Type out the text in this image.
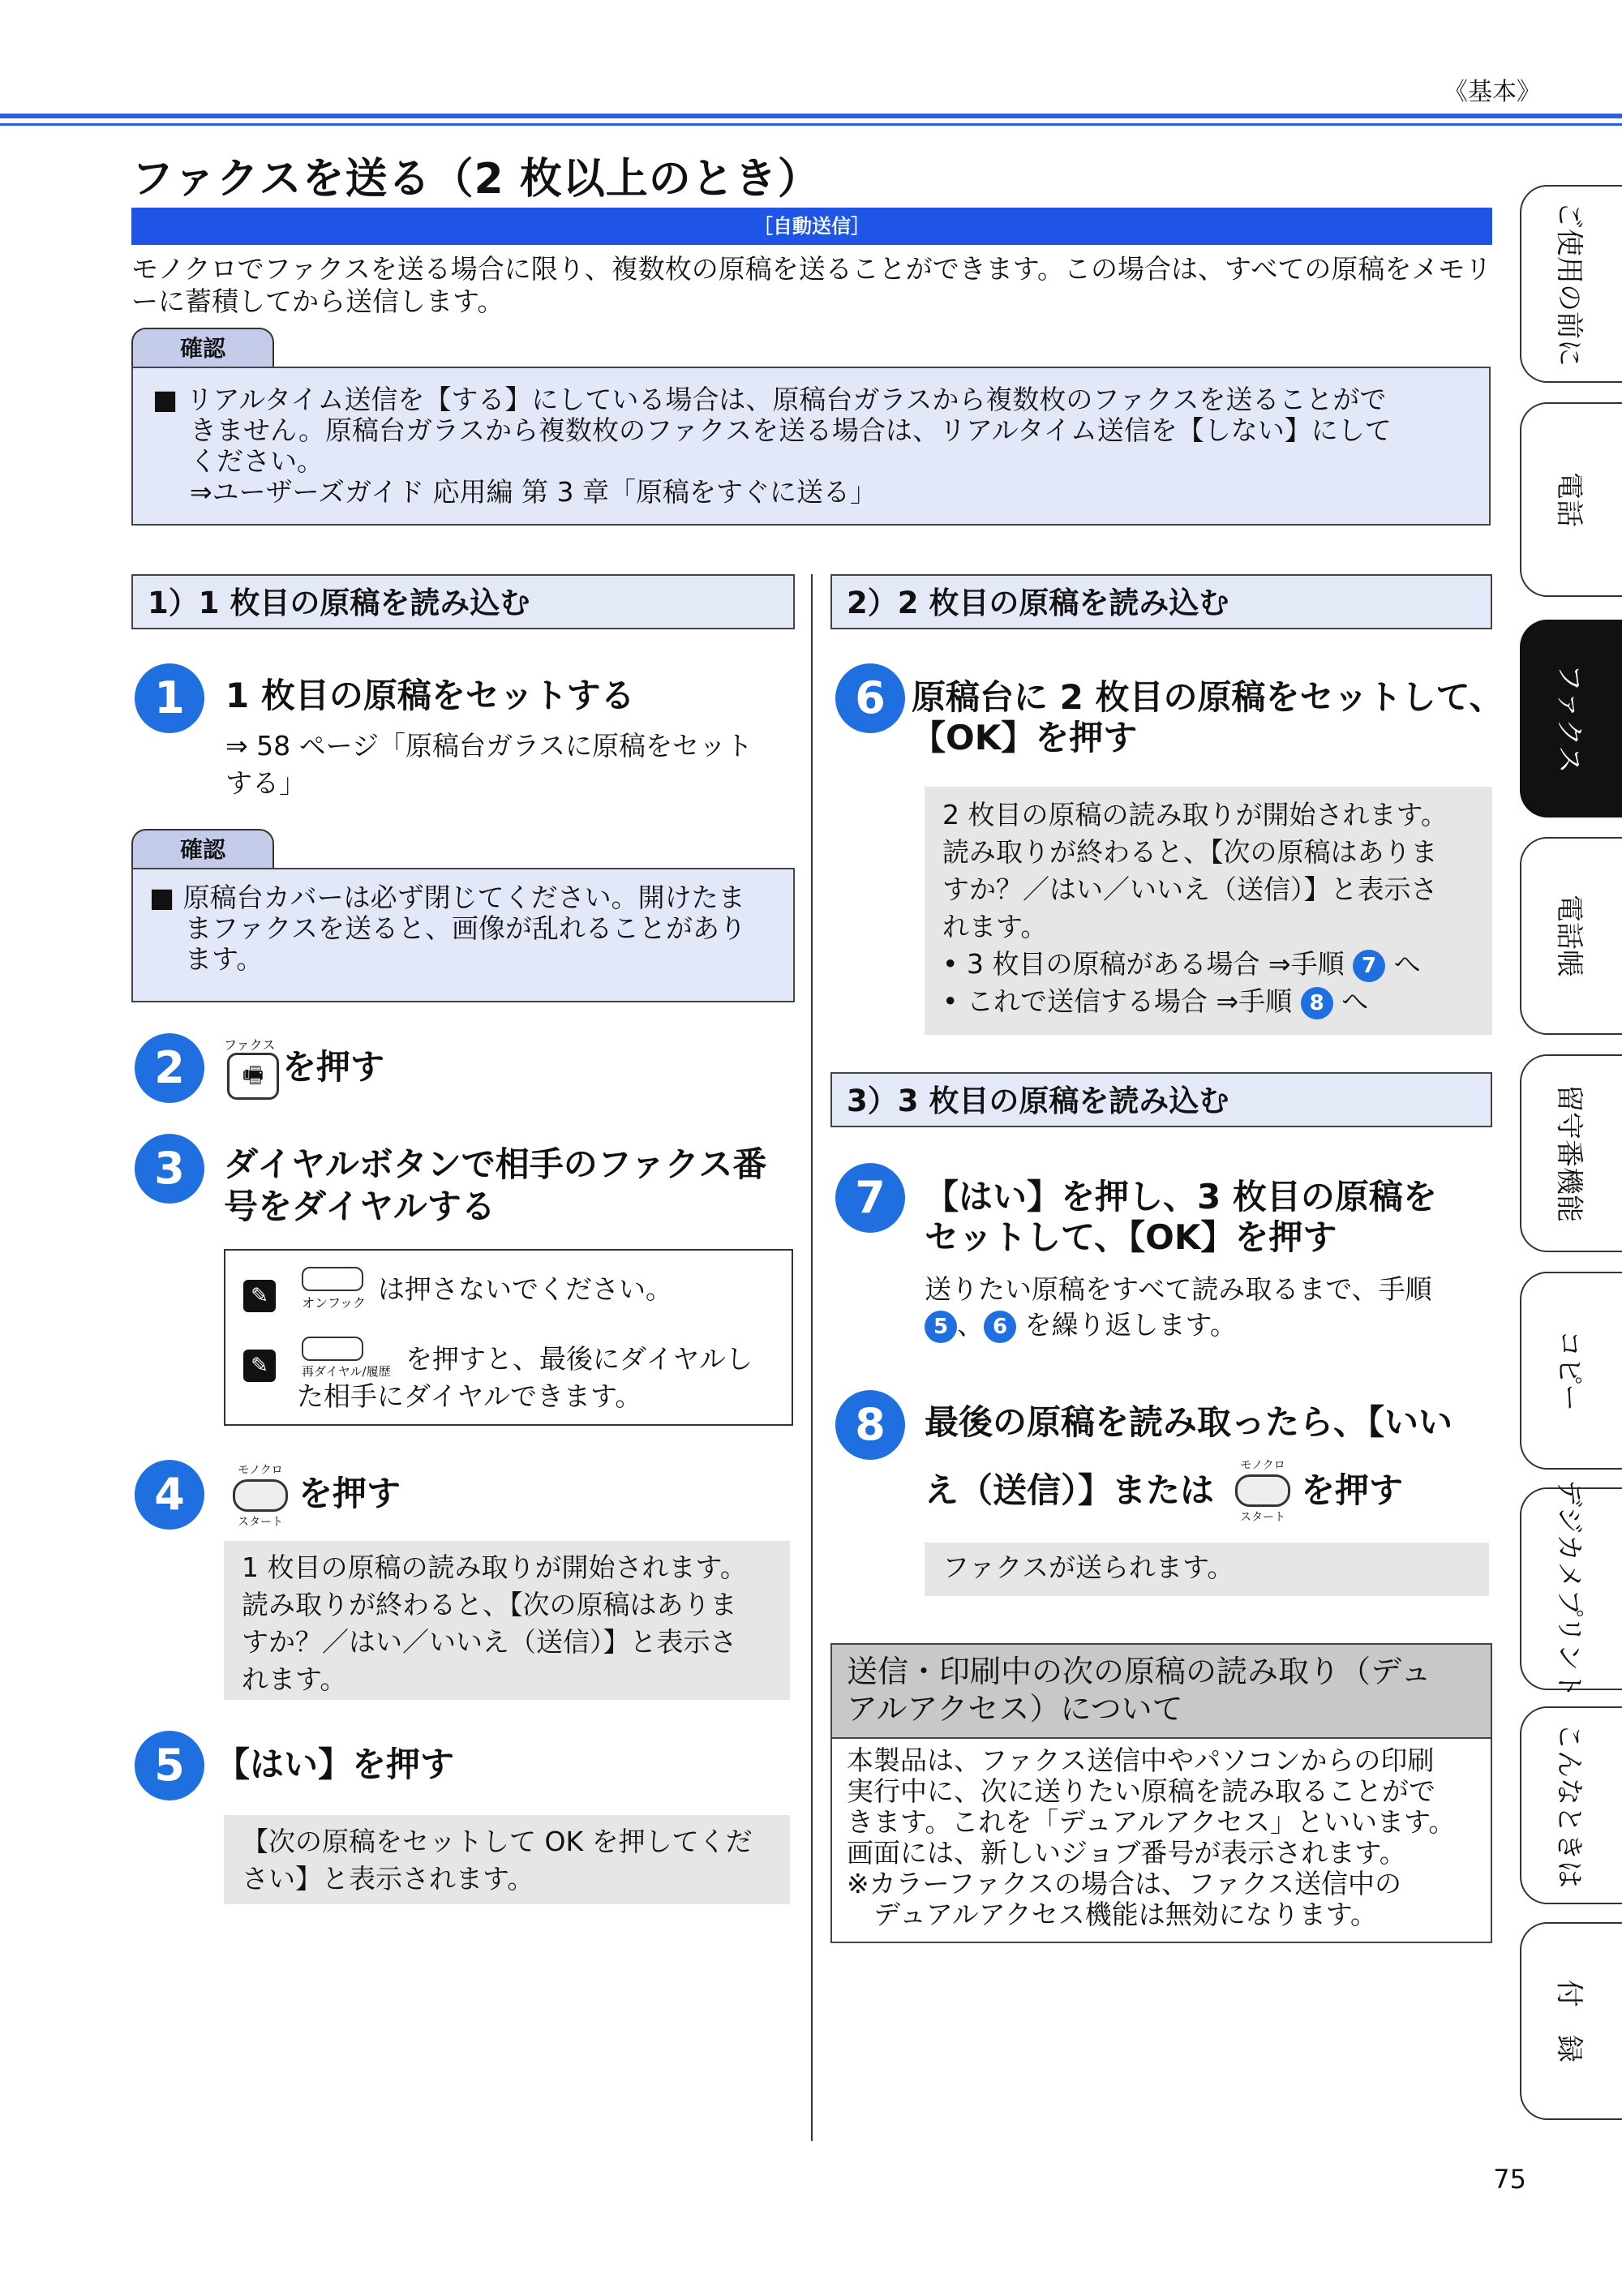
《基本》
ファクスを送る（2 枚以上のとき）
［自動送信］
モノクロでファクスを送る場合に限り、複数枚の原稿を送ることができます。この場合は、すべての原稿をメモリーに蓄積してから送信します。
確認

■ リアルタイム送信を【する】にしている場合は、原稿台ガラスから複数枚のファクスを送ることがで

きません。原稿台ガラスから複数枚のファクスを送る場合は、リアルタイム送信を【しない】にして

ください。

⇒ユーザーズガイド 応用編 第 3 章「原稿をすぐに送る」

1）1 枚目の原稿を読み込む
1	1 枚目の原稿をセットする
⇒ 58 ページ「原稿台ガラスに原稿をセット
する」
確認

■ 原稿台カバーは必ず閉じてください。開けたま

まファクスを送ると、画像が乱れることがあり

ます。

2	ファクス
🖷 を押す
3	ダイヤルボタンで相手のファクス番
号をダイヤルする
✎	オンフック は押さないでください。
✎	再ダイヤル/履歴 を押すと、最後にダイヤルし
た相手にダイヤルできます。
4	モノクロ
スタート
を押す
1 枚目の原稿の読み取りが開始されます。
読み取りが終わると、【次の原稿はありま
すか？／はい／いいえ（送信）】と表示さ
れます。
5 【はい】を押す
【次の原稿をセットして OK を押してくだ
さい】と表示されます。
2）2 枚目の原稿を読み込む
6 原稿台に 2 枚目の原稿をセットして、
【OK】を押す
2 枚目の原稿の読み取りが開始されます。
読み取りが終わると、【次の原稿はありま
すか？／はい／いいえ（送信）】と表示さ
れます。
• 3 枚目の原稿がある場合 ⇒手順 7 へ
• これで送信する場合 ⇒手順 8 へ
3）3 枚目の原稿を読み込む
7	【はい】を押し、3 枚目の原稿を
セットして、【OK】を押す
送りたい原稿をすべて読み取るまで、手順
5 、 6 を繰り返します。
8	最後の原稿を読み取ったら、【いい
え（送信）】または
モノクロ
スタート
を押す
ファクスが送られます。
送信・印刷中の次の原稿の読み取り（デュ
アルアクセス）について
本製品は、ファクス送信中やパソコンからの印刷
実行中に、次に送りたい原稿を読み取ることがで
きます。これを「デュアルアクセス」といいます。
画面には、新しいジョブ番号が表示されます。
※カラーファクスの場合は、ファクス送信中の
　デュアルアクセス機能は無効になります。
ご使用の前に
電話
ファクス
電話帳
留守番機能
コピー
デジカメプリント
こんなときは
付　録
75
